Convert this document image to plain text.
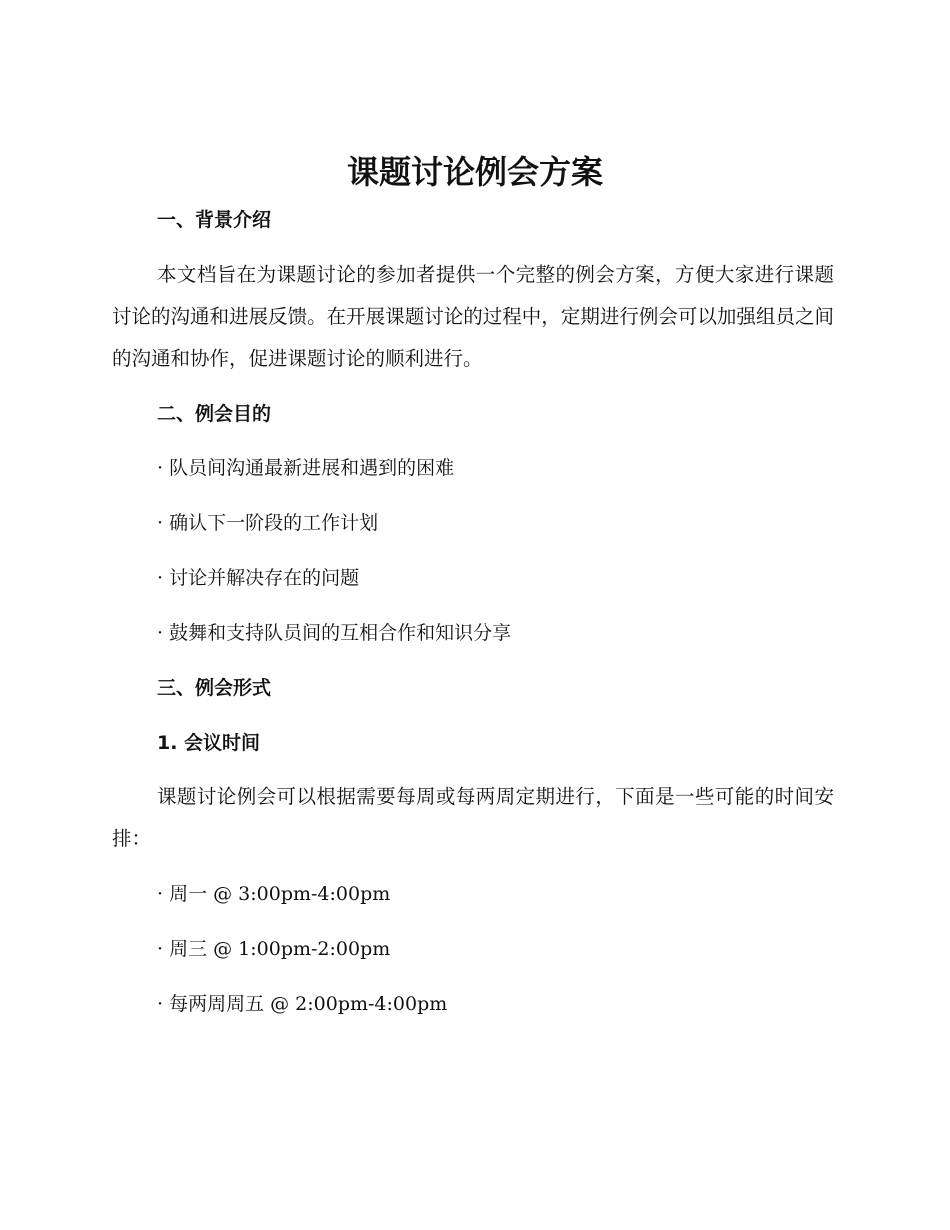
课题讨论例会方案
一、背景介绍

本文档旨在为课题讨论的参加者提供一个完整的例会方案，方便大家进行课题讨论的沟通和进展反馈。在开展课题讨论的过程中，定期进行例会可以加强组员之间的沟通和协作，促进课题讨论的顺利进行。

二、例会目的

· 队员间沟通最新进展和遇到的困难

· 确认下一阶段的工作计划

· 讨论并解决存在的问题

· 鼓舞和支持队员间的互相合作和知识分享

三、例会形式
1. 会议时间

课题讨论例会可以根据需要每周或每两周定期进行，下面是一些可能的时间安排：

· 周一 @ 3:00pm-4:00pm

· 周三 @ 1:00pm-2:00pm

· 每两周周五 @ 2:00pm-4:00pm
